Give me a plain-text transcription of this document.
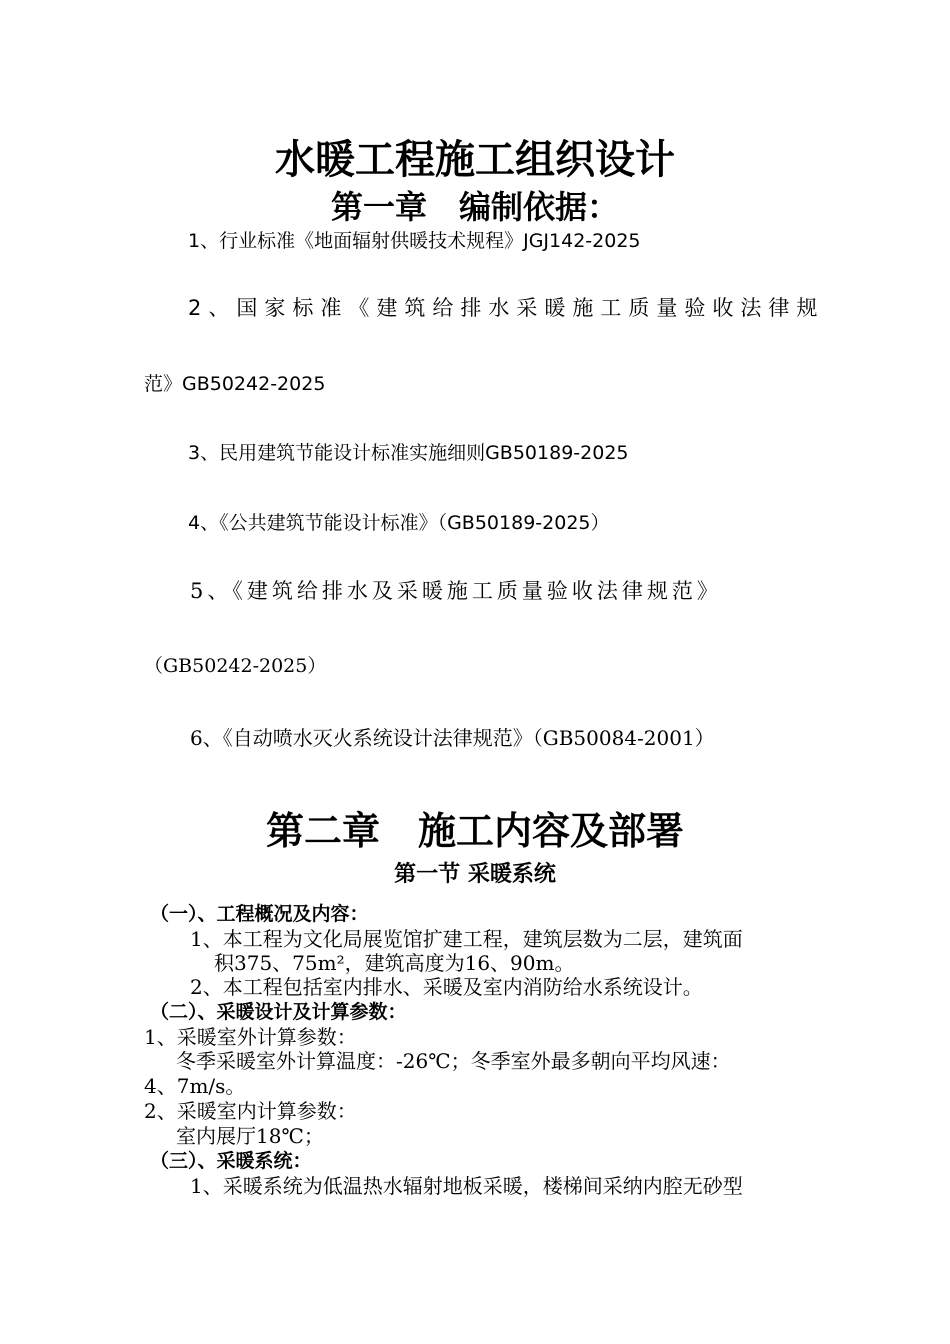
水暖工程施工组织设计
第一章　编制依据：
1、行业标准《地面辐射供暖技术规程》JGJ142-2025
2、国家标准《建筑给排水采暖施工质量验收法律规
范》GB50242-2025
3、民用建筑节能设计标准实施细则GB50189-2025
4、《公共建筑节能设计标准》（GB50189-2025）
5、《建筑给排水及采暖施工质量验收法律规范》
（GB50242-2025）
6、《自动喷水灭火系统设计法律规范》（GB50084-2001）
第二章　施工内容及部署
第一节 采暖系统
（一）、工程概况及内容：
1、本工程为文化局展览馆扩建工程，建筑层数为二层，建筑面
积375、75m²，建筑高度为16、90m。
2、本工程包括室内排水、采暖及室内消防给水系统设计。
（二）、采暖设计及计算参数：
1、采暖室外计算参数：
冬季采暖室外计算温度：-26℃；冬季室外最多朝向平均风速：
4、7m/s。
2、采暖室内计算参数：
室内展厅18℃；
（三）、采暖系统：
1、采暖系统为低温热水辐射地板采暖，楼梯间采纳内腔无砂型
